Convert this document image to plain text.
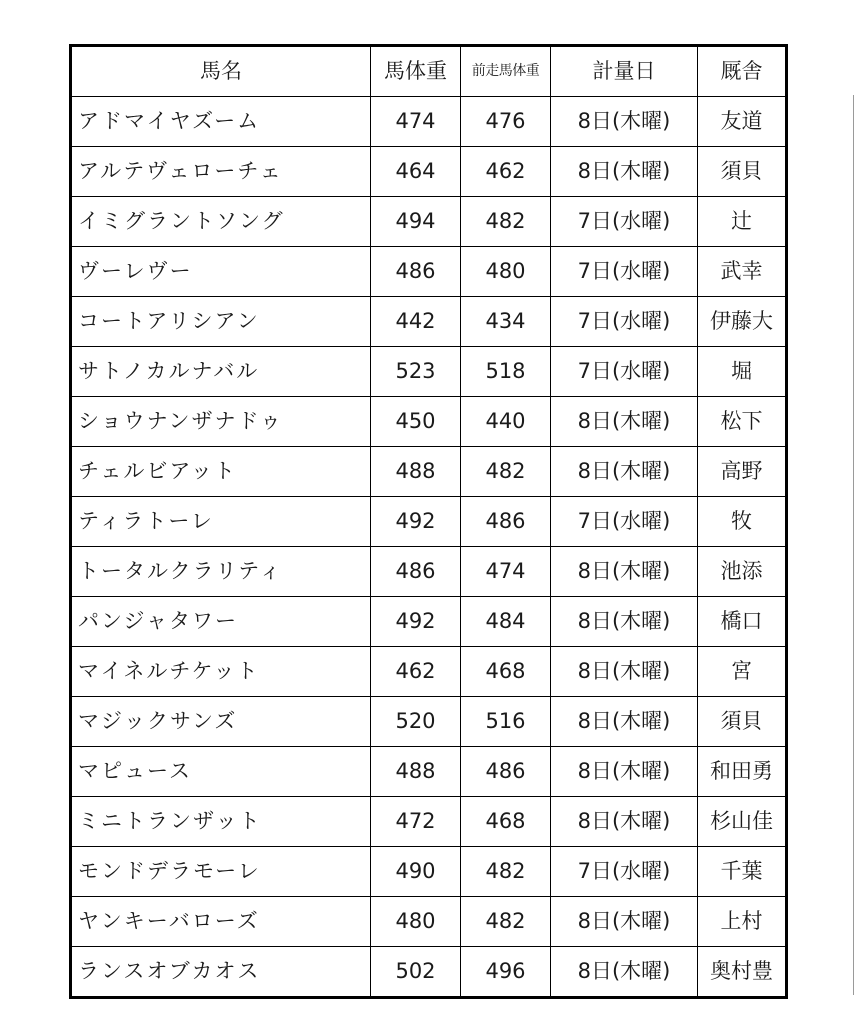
馬名	馬体重	前走馬体重	計量日	厩舎
アドマイヤズーム	474	476	8日(木曜)	友道
アルテヴェローチェ	464	462	8日(木曜)	須貝
イミグラントソング	494	482	7日(水曜)	辻
ヴーレヴー	486	480	7日(水曜)	武幸
コートアリシアン	442	434	7日(水曜)	伊藤大
サトノカルナバル	523	518	7日(水曜)	堀
ショウナンザナドゥ	450	440	8日(木曜)	松下
チェルビアット	488	482	8日(木曜)	高野
ティラトーレ	492	486	7日(水曜)	牧
トータルクラリティ	486	474	8日(木曜)	池添
パンジャタワー	492	484	8日(木曜)	橋口
マイネルチケット	462	468	8日(木曜)	宮
マジックサンズ	520	516	8日(木曜)	須貝
マピュース	488	486	8日(木曜)	和田勇
ミニトランザット	472	468	8日(木曜)	杉山佳
モンドデラモーレ	490	482	7日(水曜)	千葉
ヤンキーバローズ	480	482	8日(木曜)	上村
ランスオブカオス	502	496	8日(木曜)	奥村豊
